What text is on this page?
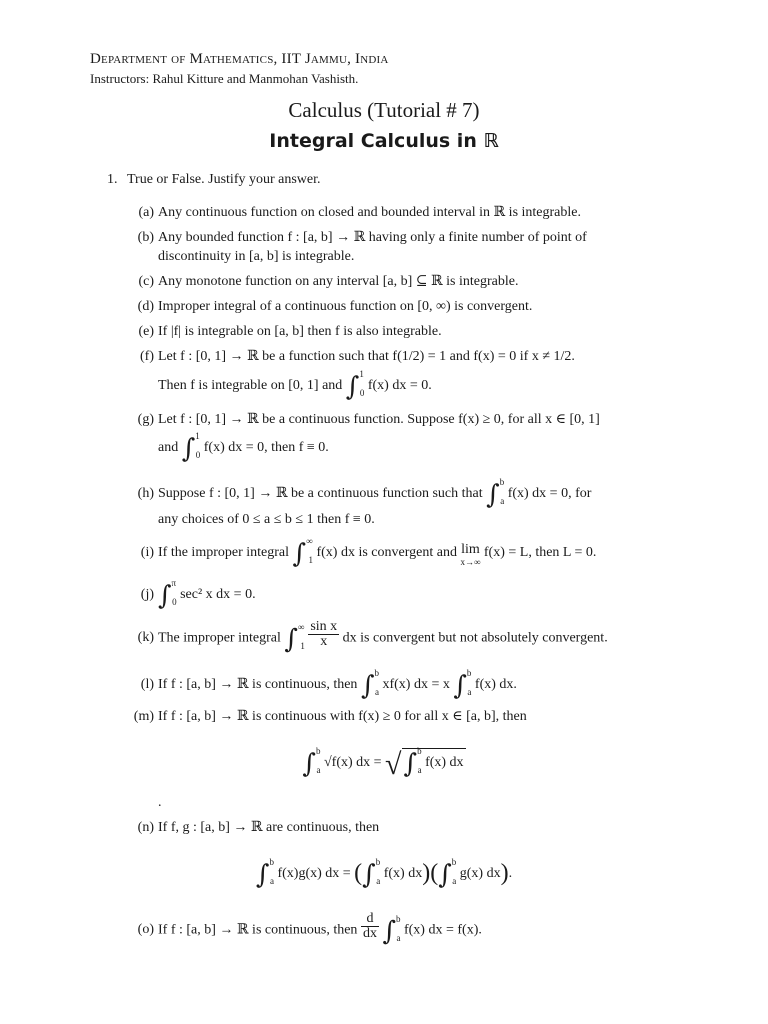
Department of Mathematics, IIT Jammu, India
Instructors: Rahul Kitture and Manmohan Vashisth.
Calculus (Tutorial # 7)
Integral Calculus in ℝ
1. True or False. Justify your answer.
(a) Any continuous function on closed and bounded interval in ℝ is integrable.
(b) Any bounded function f : [a, b] → ℝ having only a finite number of point of
discontinuity in [a, b] is integrable.
(c) Any monotone function on any interval [a, b] ⊆ ℝ is integrable.
(d) Improper integral of a continuous function on [0, ∞) is convergent.
(e) If |f| is integrable on [a, b] then f is also integrable.
(f) Let f : [0, 1] → ℝ be a function such that f(1/2) = 1 and f(x) = 0 if x ≠ 1/2.
Then f is integrable on [0, 1] and ∫$^1_0$ f(x) dx = 0.
(g) Let f : [0, 1] → ℝ be a continuous function. Suppose f(x) ≥ 0, for all x ∈ [0, 1]
and ∫$^1_0$ f(x) dx = 0, then f ≡ 0.
(h) Suppose f : [0, 1] → ℝ be a continuous function such that ∫$^b_a$ f(x) dx = 0, for
any choices of 0 ≤ a ≤ b ≤ 1 then f ≡ 0.
(i) If the improper integral $\int^\infty_1$ f(x) dx is convergent and lim
x→∞
f(x) = L, then L = 0.
(j) ∫$^\pi_0$ sec² x dx = 0.
(k) The improper integral $\int^\infty_1 \frac{\text{sin x}}{x}$ dx is convergent but not absolutely convergent.
(l) If f : [a, b] → ℝ is continuous, then ∫$^b_a$ xf(x) dx = x ∫$^b_a$ f(x) dx.
(m) If f : [a, b] → ℝ is continuous with f(x) ≥ 0 for all x ∈ [a, b], then
∫$^b_a$ √f(x) dx = √∫$^b_a$ f(x) dx
.
(n) If f, g : [a, b] → ℝ are continuous, then
∫$^b_a$ f(x)g(x) dx = (∫$^b_a$ f(x) dx)(∫$^b_a$ g(x) dx).
(o) If f : [a, b] → ℝ is continuous, then $\frac{d}{dx} \int^b_a$ f(x) dx = f(x).
